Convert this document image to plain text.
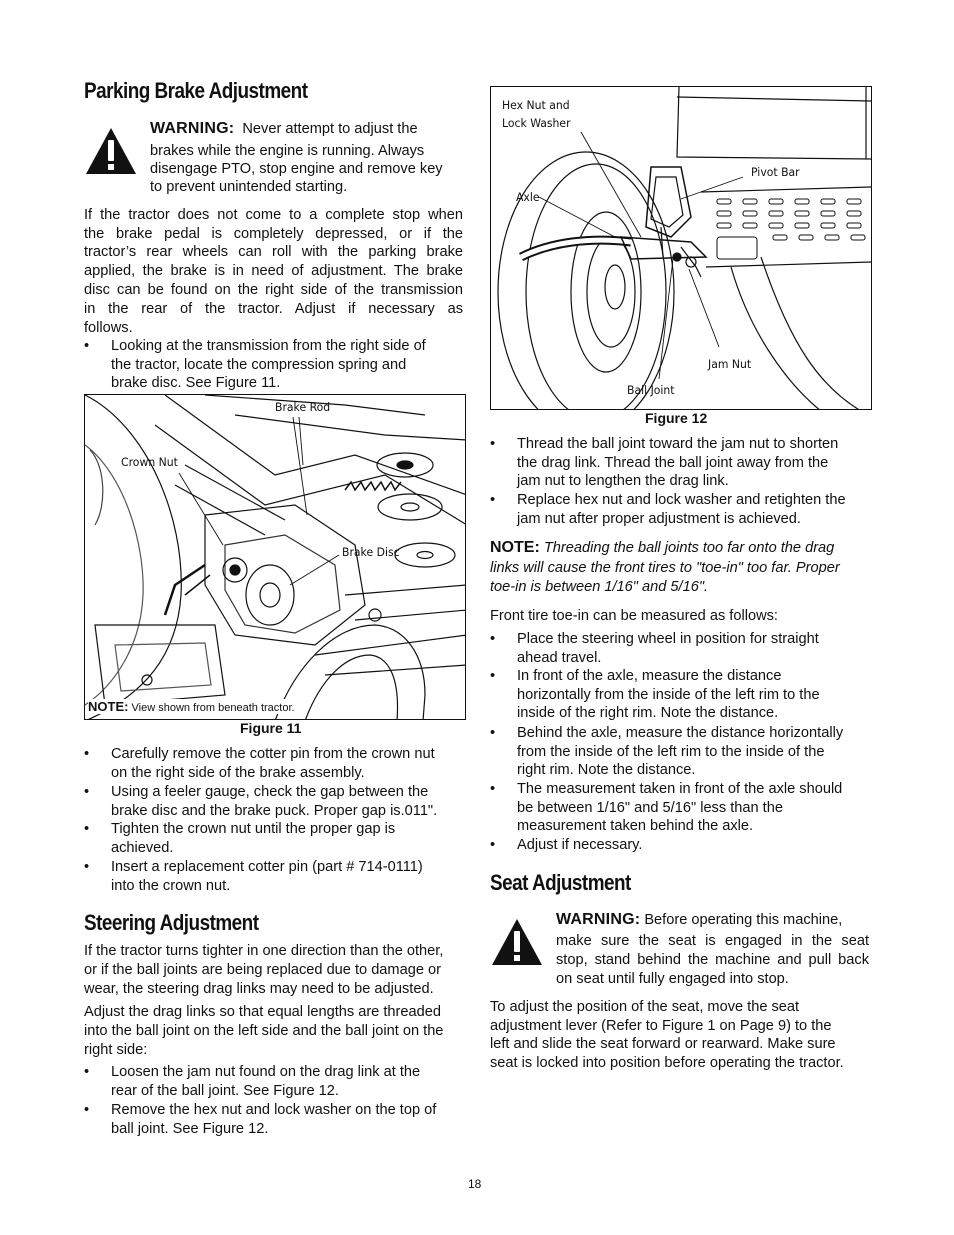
Parking Brake Adjustment
WARNING: Never attempt to adjust the
brakes while the engine is running. Always
disengage PTO, stop engine and remove key
to prevent unintended starting.
If the tractor does not come to a complete stop when
the brake pedal is completely depressed, or if the
tractor’s rear wheels can roll with the parking brake
applied, the brake is in need of adjustment. The brake
disc can be found on the right side of the transmission
in the rear of the tractor. Adjust if necessary as
follows.
• Looking at the transmission from the right side of
the tractor, locate the compression spring and
brake disc. See Figure 11.
Brake Rod
Crown Nut
Brake Disc
NOTE: View shown from beneath tractor.
Figure 11
• Carefully remove the cotter pin from the crown nut
on the right side of the brake assembly.
• Using a feeler gauge, check the gap between the
brake disc and the brake puck. Proper gap is.011".
• Tighten the crown nut until the proper gap is
achieved.
• Insert a replacement cotter pin (part # 714-0111)
into the crown nut.
Steering Adjustment
If the tractor turns tighter in one direction than the other,
or if the ball joints are being replaced due to damage or
wear, the steering drag links may need to be adjusted.
Adjust the drag links so that equal lengths are threaded
into the ball joint on the left side and the ball joint on the
right side:
• Loosen the jam nut found on the drag link at the
rear of the ball joint. See Figure 12.
• Remove the hex nut and lock washer on the top of
ball joint. See Figure 12.
Hex Nut and
Lock Washer
Axle
Pivot Bar
Jam Nut
Ball Joint
Figure 12
• Thread the ball joint toward the jam nut to shorten
the drag link. Thread the ball joint away from the
jam nut to lengthen the drag link.
• Replace hex nut and lock washer and retighten the
jam nut after proper adjustment is achieved.
NOTE: Threading the ball joints too far onto the drag
links will cause the front tires to "toe-in" too far. Proper
toe-in is between 1/16" and 5/16".
Front tire toe-in can be measured as follows:
• Place the steering wheel in position for straight
ahead travel.
• In front of the axle, measure the distance
horizontally from the inside of the left rim to the
inside of the right rim. Note the distance.
• Behind the axle, measure the distance horizontally
from the inside of the left rim to the inside of the
right rim. Note the distance.
• The measurement taken in front of the axle should
be between 1/16" and 5/16" less than the
measurement taken behind the axle.
• Adjust if necessary.
Seat Adjustment
WARNING: Before operating this machine,
make sure the seat is engaged in the seat
stop, stand behind the machine and pull back
on seat until fully engaged into stop.
To adjust the position of the seat, move the seat
adjustment lever (Refer to Figure 1 on Page 9) to the
left and slide the seat forward or rearward. Make sure
seat is locked into position before operating the tractor.
18
